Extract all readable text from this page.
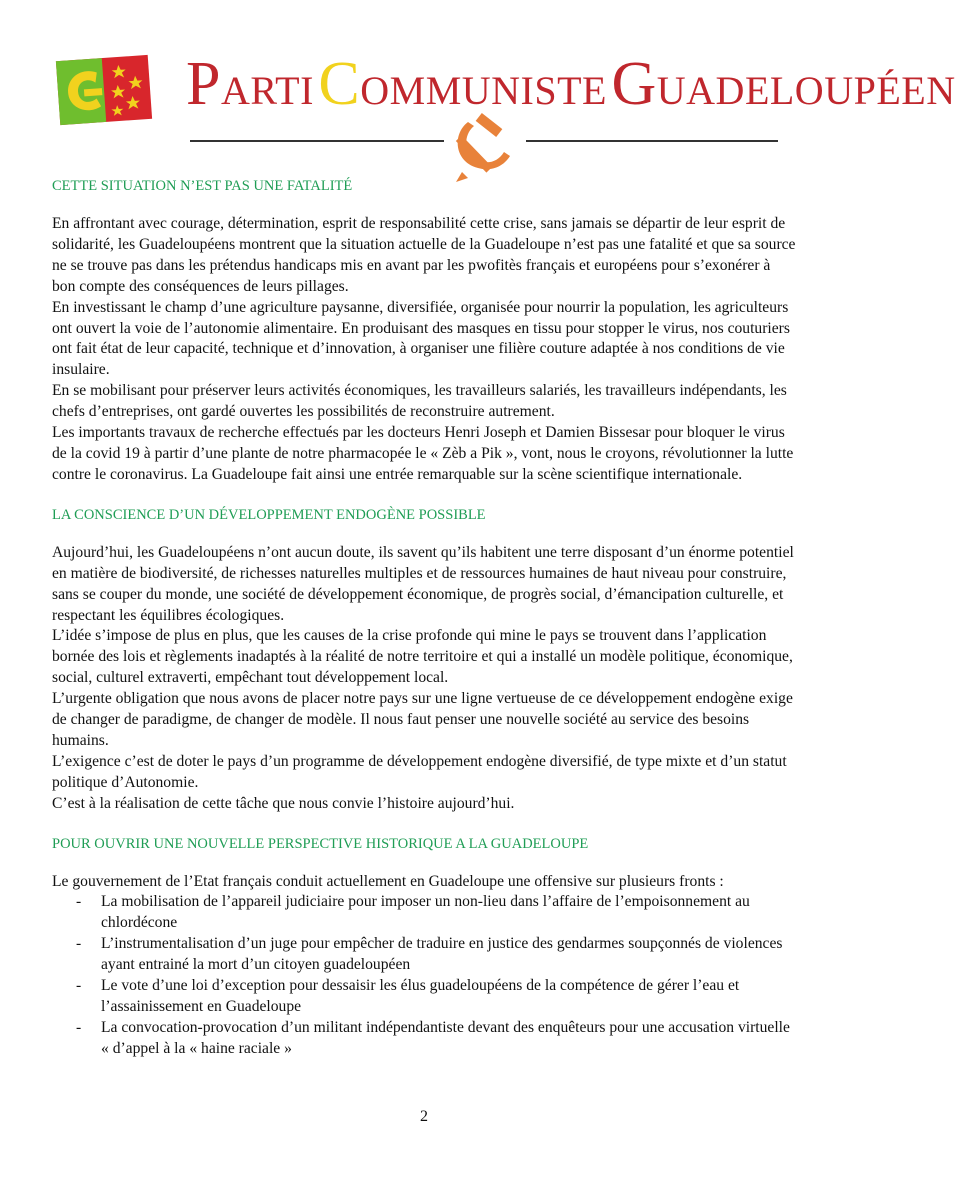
PARTI COMMUNISTE GUADELOUPÉEN
CETTE SITUATION N’EST PAS UNE FATALITÉ

En affrontant avec courage, détermination, esprit de responsabilité cette crise, sans jamais se départir de leur esprit de solidarité, les Guadeloupéens montrent que la situation actuelle de la Guadeloupe n’est pas une fatalité et que sa source ne se trouve pas dans les prétendus handicaps mis en avant par les pwofitès français et européens pour s’exonérer à bon compte des conséquences de leurs pillages.

En investissant le champ d’une agriculture paysanne, diversifiée, organisée pour nourrir la population, les agriculteurs ont ouvert la voie de l’autonomie alimentaire. En produisant des masques en tissu pour stopper le virus, nos couturiers ont fait état de leur capacité, technique et d’innovation, à organiser une filière couture adaptée à nos conditions de vie insulaire.

En se mobilisant pour préserver leurs activités économiques, les travailleurs salariés, les travailleurs indépendants, les chefs d’entreprises, ont gardé ouvertes les possibilités de reconstruire autrement.

Les importants travaux de recherche effectués par les docteurs Henri Joseph et Damien Bissesar pour bloquer le virus de la covid 19 à partir d’une plante de notre pharmacopée le « Zèb a Pik », vont, nous le croyons, révolutionner la lutte contre le coronavirus. La Guadeloupe fait ainsi une entrée remarquable sur la scène scientifique internationale.

LA CONSCIENCE D’UN DÉVELOPPEMENT ENDOGÈNE POSSIBLE

Aujourd’hui, les Guadeloupéens n’ont aucun doute, ils savent qu’ils habitent une terre disposant d’un énorme potentiel en matière de biodiversité, de richesses naturelles multiples et de ressources humaines de haut niveau pour construire, sans se couper du monde, une société de développement économique, de progrès social, d’émancipation culturelle, et respectant les équilibres écologiques.

L’idée s’impose de plus en plus, que les causes de la crise profonde qui mine le pays se trouvent dans l’application bornée des lois et règlements inadaptés à la réalité de notre territoire et qui a installé un modèle politique, économique, social, culturel extraverti, empêchant tout développement local.

L’urgente obligation que nous avons de placer notre pays sur une ligne vertueuse de ce développement endogène exige de changer de paradigme, de changer de modèle. Il nous faut penser une nouvelle société au service des besoins humains.

L’exigence c’est de doter le pays d’un programme de développement endogène diversifié, de type mixte et d’un statut politique d’Autonomie.

C’est à la réalisation de cette tâche que nous convie l’histoire aujourd’hui.

POUR OUVRIR UNE NOUVELLE PERSPECTIVE HISTORIQUE A LA GUADELOUPE

Le gouvernement de l’Etat français conduit actuellement en Guadeloupe une offensive sur plusieurs fronts :

- La mobilisation de l’appareil judiciaire pour imposer un non-lieu dans l’affaire de l’empoisonnement au chlordécone
- L’instrumentalisation d’un juge pour empêcher de traduire en justice des gendarmes soupçonnés de violences ayant entrainé la mort d’un citoyen guadeloupéen
- Le vote d’une loi d’exception pour dessaisir les élus guadeloupéens de la compétence de gérer l’eau et l’assainissement en Guadeloupe
- La convocation-provocation d’un militant indépendantiste devant des enquêteurs pour une accusation virtuelle « d’appel à la « haine raciale »
2
